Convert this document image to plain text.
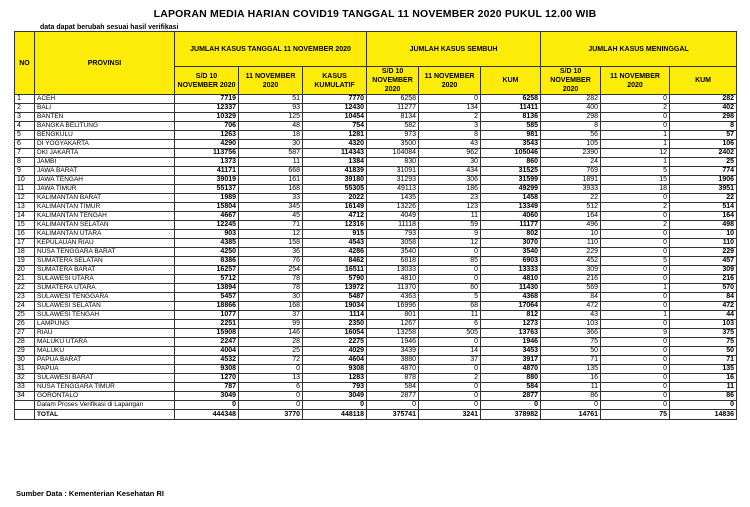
LAPORAN MEDIA HARIAN COVID19 TANGGAL 11 NOVEMBER 2020 PUKUL 12.00 WIB
data dapat berubah sesuai hasil verifikasi
NO	PROVINSI	JUMLAH KASUS TANGGAL 11 NOVEMBER 2020			JUMLAH KASUS SEMBUH			JUMLAH KASUS MENINGGAL		
		S/D 10 NOVEMBER 2020	11 NOVEMBER 2020	KASUS KUMULATIF	S/D 10 NOVEMBER 2020	11 NOVEMBER 2020	KUM	S/D 10 NOVEMBER 2020	11 NOVEMBER 2020	KUM
1	ACEH	7719	51	7770	6258	0	6258	282	0	282
2	BALI	12337	93	12430	11277	134	11411	400	2	402
3	BANTEN	10329	125	10454	8134	2	8136	298	0	298
4	BANGKA BELITUNG	706	48	754	582	3	585	8	0	8
5	BENGKULU	1263	18	1281	973	8	981	56	1	57
6	DI YOGYAKARTA	4290	30	4320	3500	43	3543	105	1	106
7	DKI JAKARTA	113756	587	114343	104084	962	105046	2390	12	2402
8	JAMBI	1373	11	1384	830	30	860	24	1	25
9	JAWA BARAT	41171	668	41839	31091	434	31525	769	5	774
10	JAWA TENGAH	39019	161	39180	31293	306	31599	1891	15	1906
11	JAWA TIMUR	55137	168	55305	49113	186	49299	3933	18	3951
12	KALIMANTAN BARAT	1989	33	2022	1435	23	1458	22	0	22
13	KALIMANTAN TIMUR	15804	345	16149	13226	123	13349	512	2	514
14	KALIMANTAN TENGAH	4667	45	4712	4049	11	4060	164	0	164
15	KALIMANTAN SELATAN	12245	71	12316	11118	59	11177	496	2	498
16	KALIMANTAN UTARA	903	12	915	793	9	802	10	0	10
17	KEPULAUAN RIAU	4385	158	4543	3058	12	3070	110	0	110
18	NUSA TENGGARA BARAT	4250	36	4286	3540	0	3540	229	0	229
19	SUMATERA SELATAN	8386	76	8462	6818	85	6903	452	5	457
20	SUMATERA BARAT	16257	254	16511	13033	0	13333	309	0	309
21	SULAWESI UTARA	5712	78	5790	4810	0	4810	216	0	216
22	SUMATERA UTARA	13894	78	13972	11370	60	11430	569	1	570
23	SULAWESI TENGGARA	5457	30	5487	4363	5	4368	84	0	84
24	SULAWESI SELATAN	18866	168	19034	16996	68	17064	472	0	472
25	SULAWESI TENGAH	1077	37	1114	801	11	812	43	1	44
26	LAMPUNG	2251	99	2350	1267	6	1273	103	0	103
27	RIAU	15908	146	16054	13258	505	13763	366	9	375
28	MALUKU UTARA	2247	28	2275	1946	0	1946	75	0	75
29	MALUKU	4004	25	4029	3439	14	3453	50	0	50
30	PAPUA BARAT	4532	72	4604	3880	37	3917	71	0	71
31	PAPUA	9308	0	9308	4870	0	4870	135	0	135
32	SULAWESI BARAT	1270	13	1283	878	2	880	16	0	16
33	NUSA TENGGARA TIMUR	787	6	793	584	0	584	11	0	11
34	GORONTALO	3049	0	3049	2877	0	2877	86	0	86
	Dalam Proses Verifikasi di Lapangan	0	0	0	0	0	0	0	0	0
	TOTAL	444348	3770	448118	375741	3241	378982	14761	75	14836
Sumber Data : Kementerian Kesehatan RI
